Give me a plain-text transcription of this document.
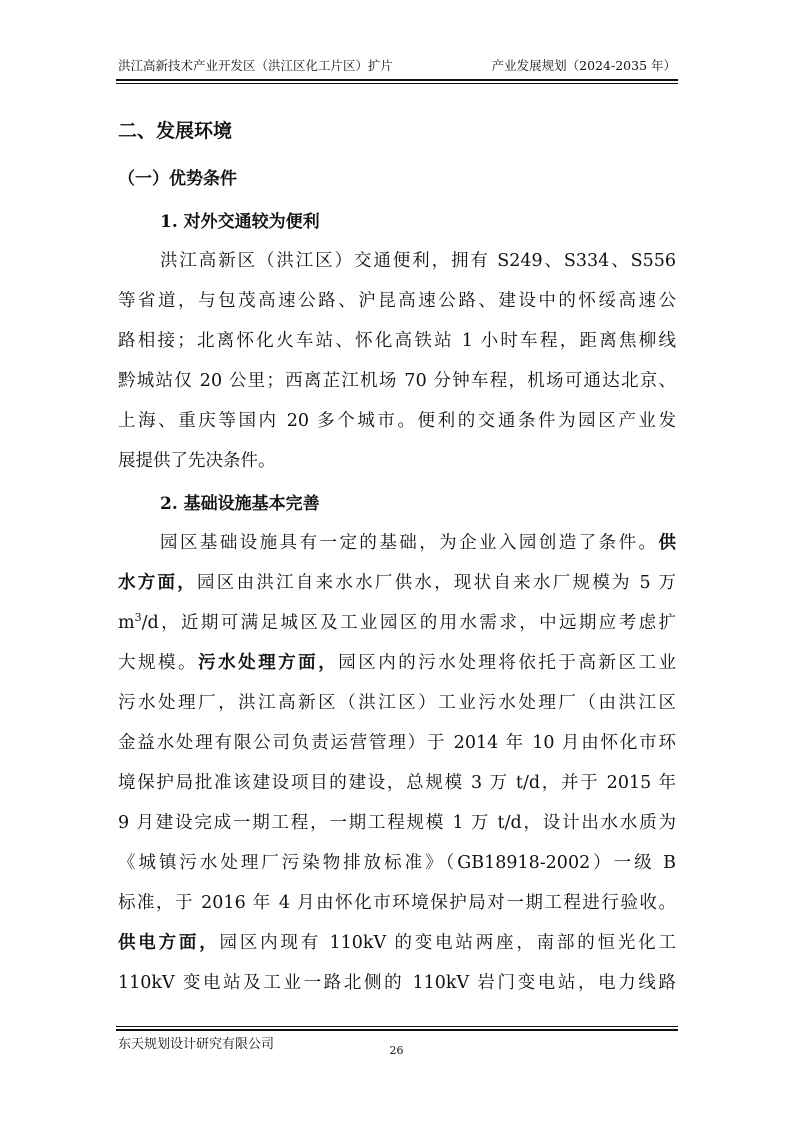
洪江高新技术产业开发区（洪江区化工片区）扩片	产业发展规划（2024-2035 年）
二、发展环境
（一）优势条件
1. 对外交通较为便利
洪江高新区（洪江区）交通便利，拥有 S249、S334、S556
等省道，与包茂高速公路、沪昆高速公路、建设中的怀绥高速公
路相接；北离怀化火车站、怀化高铁站 1 小时车程，距离焦柳线
黔城站仅 20 公里；西离芷江机场 70 分钟车程，机场可通达北京、
上海、重庆等国内 20 多个城市。便利的交通条件为园区产业发
展提供了先决条件。
2. 基础设施基本完善
园区基础设施具有一定的基础，为企业入园创造了条件。供
水方面，园区由洪江自来水水厂供水，现状自来水厂规模为 5 万
$m^3/d$，近期可满足城区及工业园区的用水需求，中远期应考虑扩
大规模。污水处理方面，园区内的污水处理将依托于高新区工业
污水处理厂，洪江高新区（洪江区）工业污水处理厂（由洪江区
金益水处理有限公司负责运营管理）于 2014 年 10 月由怀化市环
境保护局批准该建设项目的建设，总规模 3 万 t/d，并于 2015 年
9 月建设完成一期工程，一期工程规模 1 万 t/d，设计出水水质为
《城镇污水处理厂污染物排放标准》（GB18918-2002）一级 B
标准，于 2016 年 4 月由怀化市环境保护局对一期工程进行验收。
供电方面，园区内现有 110kV 的变电站两座，南部的恒光化工
110kV 变电站及工业一路北侧的 110kV 岩门变电站，电力线路
东天规划设计研究有限公司	26
